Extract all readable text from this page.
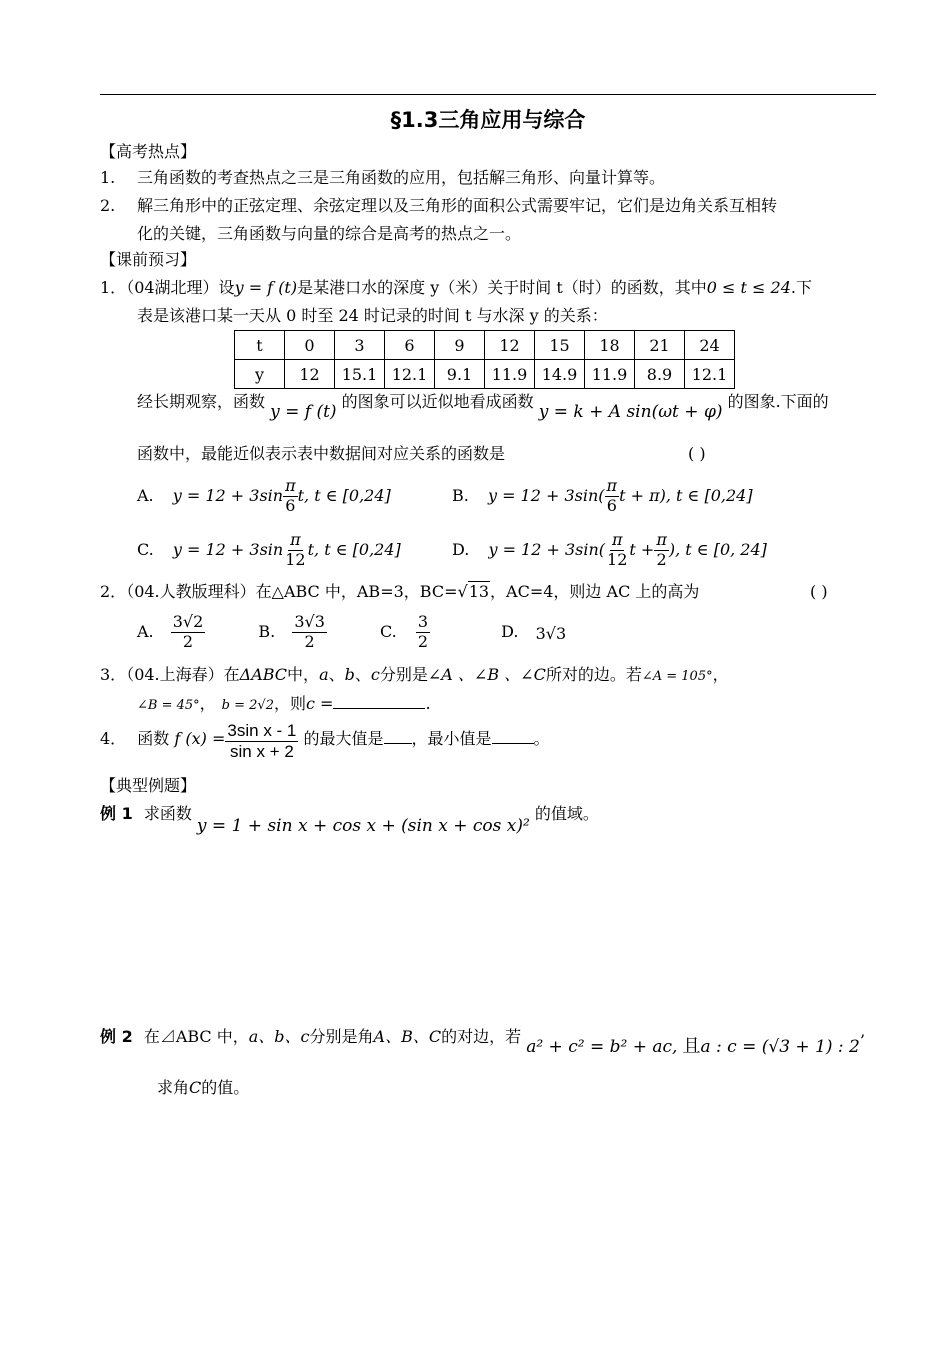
§1.3三角应用与综合
【高考热点】
1. 三角函数的考查热点之三是三角函数的应用，包括解三角形、向量计算等。
2. 解三角形中的正弦定理、余弦定理以及三角形的面积公式需要牢记，它们是边角关系互相转
化的关键，三角函数与向量的综合是高考的热点之一。
【课前预习】
1．（04湖北理）设y = f (t)是某港口水的深度 y（米）关于时间 t（时）的函数，其中0 ≤ t ≤ 24.下
表是该港口某一天从 0 时至 24 时记录的时间 t 与水深 y 的关系：
t	0	3	6	9	12	15	18	21	24
y	12	15.1	12.1	9.1	11.9	14.9	11.9	8.9	12.1
经长期观察，函数 y = f (t) 的图象可以近似地看成函数 y = k + A sin(ωt + φ) 的图象.下面的
函数中，最能近似表示表中数据间对应关系的函数是	( )
A. $y = 12 + 3\sin \frac{\pi}{6} t$, t ∈ [0,24]	B. $y = 12 + 3\sin( \frac{\pi}{6}$ t + π), t ∈ [0,24]
C. $y = 12 + 3\sin \frac{\pi}{12} t$, t ∈ [0,24]	D. $y = 12 + 3\sin( \frac{\pi}{12}$ $t + \frac{\pi}{2}$ ), t ∈ [0, 24]
2．（04.人教版理科）在△ABC 中，AB=3，BC=√13，AC=4，则边 AC 上的高为	( )
A. $\frac{3√2}{2}$	B. $\frac{3√3}{2}$	C. $\frac{3}{2}$	D. 3√3
3．（04.上海春）在ΔABC中，a、b、c分别是∠A 、∠B 、∠C所对的边。若∠A = 105°，
∠B = 45°， b = 2√2，则c =	.
4． 函数 f $(x) = \frac{\text{3sin x - 1}}{\text{sin x + 2}}$ 的最大值是 ，最小值是	。
【典型例题】
例 1 求函数 y = 1 + sin x + cos x + (sin x + cos x)² 的值域。
例 2 在⊿ABC 中，a、b、c分别是角A、B、C的对边，若 a² + c² = b² + ac, 且a : c = (√3 + 1) : 2’
求角C的值。
